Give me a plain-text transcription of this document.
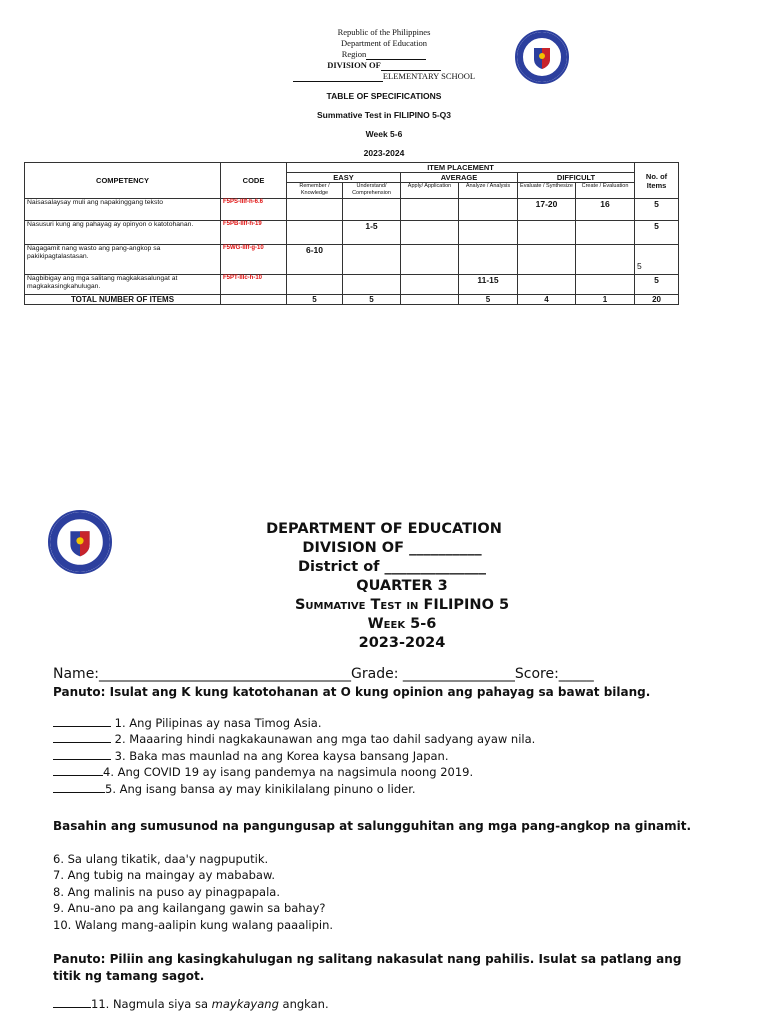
Republic of the Philippines
Department of Education
Region
DIVISION OF
ELEMENTARY SCHOOL
TABLE OF SPECIFICATIONS
Summative Test in FILIPINO 5-Q3
Week 5-6
2023-2024
COMPETENCY	CODE	ITEM PLACEMENT						No. of Items
		EASY		AVERAGE		DIFFICULT		
		Remember / Knowledge	Understand/ Comprehension	Apply/ Application	Analyze / Analysis	Evaluate / Synthesize	Create / Evaluation	
Naisasalaysay muli ang napakinggang teksto	F5PS-IIIf-h-6.6					17-20	16	5
Nasusuri kung ang pahayag ay opinyon o katotohanan.	F5PB-IIIf-h-19		1-5					5
Nagagamit nang wasto ang pang-angkop sa pakikipagtalastasan.	F5WG-IIIf-g-10	6-10						5
Nagbibigay ang mga salitang magkakasalungat at magkakasingkahulugan.	F5PT-IIIc-h-10				11-15			5
TOTAL NUMBER OF ITEMS		5	5		5	4	1	20
DEPARTMENT OF EDUCATION
DIVISION OF __________
District of ______________
QUARTER 3
Summative Test in FILIPINO 5
Week 5-6
2023-2024
Name:____________________________________Grade: ________________Score:_____
Panuto: Isulat ang K kung katotohanan at O kung opinion ang pahayag sa bawat bilang.
1. Ang Pilipinas ay nasa Timog Asia.
2. Maaaring hindi nagkakaunawan ang mga tao dahil sadyang ayaw nila.
3. Baka mas maunlad na ang Korea kaysa bansang Japan.
4. Ang COVID 19 ay isang pandemya na nagsimula noong 2019.
5. Ang isang bansa ay may kinikilalang pinuno o lider.
Basahin ang sumusunod na pangungusap at salungguhitan ang mga pang-angkop na ginamit.
6. Sa ulang tikatik, daa'y nagpuputik.
7. Ang tubig na maingay ay mababaw.
8. Ang malinis na puso ay pinagpapala.
9. Anu-ano pa ang kailangang gawin sa bahay?
10. Walang mang-aalipin kung walang paaalipin.
Panuto: Piliin ang kasingkahulugan ng salitang nakasulat nang pahilis. Isulat sa patlang ang titik ng tamang sagot.
11. Nagmula siya sa maykayang angkan.
